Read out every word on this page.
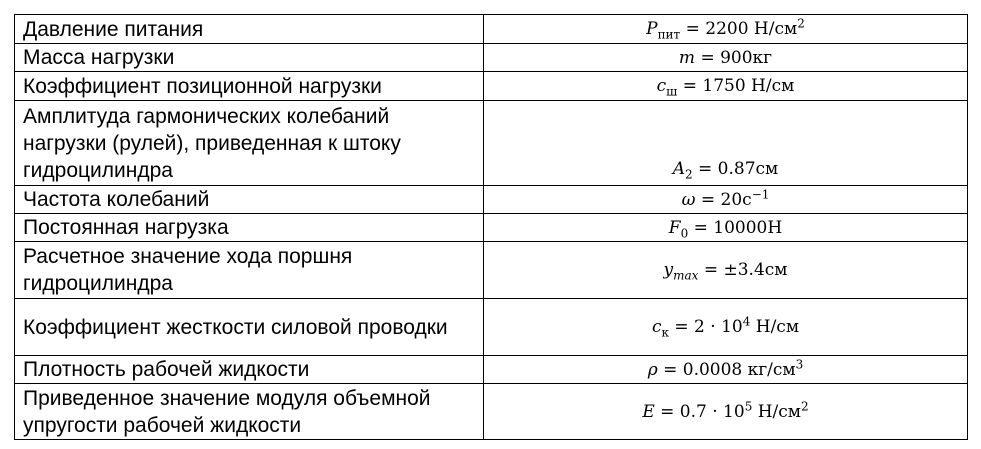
Давление питания	$P_{пит} = 2200$ $Н/см^2$
Масса нагрузки	m = 900кг
Коэффициент позиционной нагрузки	$c_ш = 1750$ Н/см
Амплитуда гармонических колебаний нагрузки (рулей), приведенная к штоку гидроцилиндра	$A_2 = 0.87см$
Частота колебаний	$\omega = 20с^{-1}$
Постоянная нагрузка	$F_0 = 10000Н$
Расчетное значение хода поршня гидроцилиндра	$y_{max} = \pm 3.4см$
Коэффициент жесткости силовой проводки	$c_к = 2 \cdot 10^4$ Н/см
Плотность рабочей жидкости	ρ = 0.0008 $кг/см^3$
Приведенное значение модуля объемной упругости рабочей жидкости	$E = 0.7 \cdot 10^5$ $Н/см^2$
